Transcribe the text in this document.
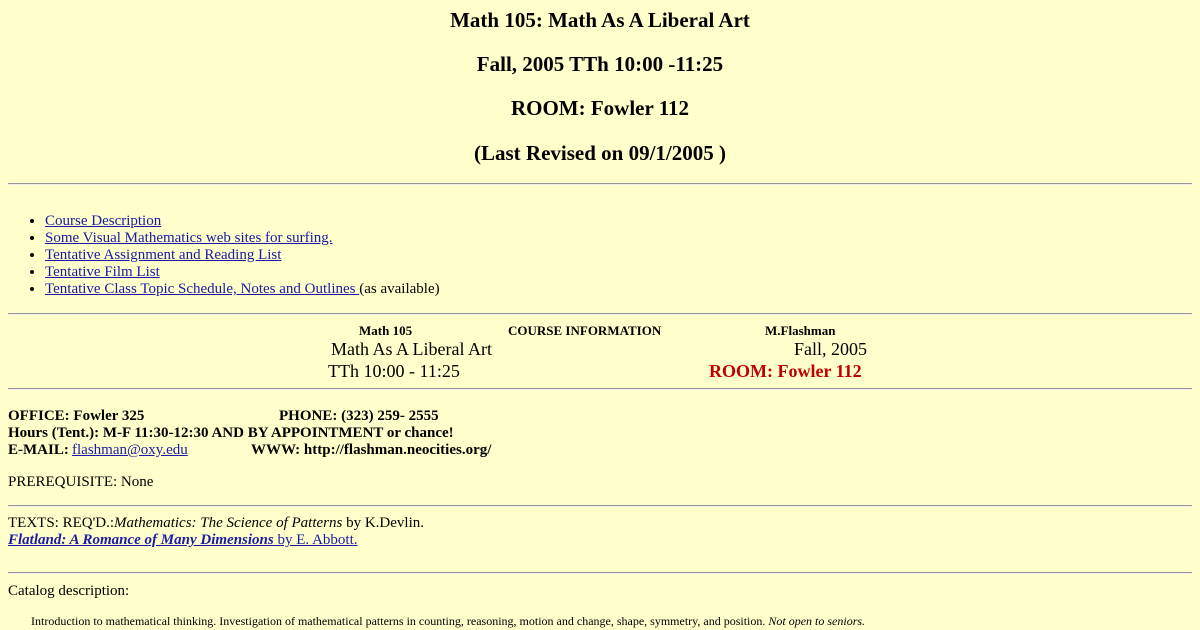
Math 105: Math As A Liberal Art
Fall, 2005 TTh 10:00 -11:25
ROOM: Fowler 112
(Last Revised on 09/1/2005 )
• Course Description
• Some Visual Mathematics web sites for surfing.
• Tentative Assignment and Reading List
• Tentative Film List
• Tentative Class Topic Schedule, Notes and Outlines (as available)
Math 105	COURSE INFORMATION	M.Flashman
Math As A Liberal Art	Fall, 2005
TTh 10:00 - 11:25	ROOM: Fowler 112
OFFICE: Fowler 325	PHONE: (323) 259- 2555
Hours (Tent.): M-F 11:30-12:30 AND BY APPOINTMENT or chance!
E-MAIL: flashman@oxy.edu	WWW: http://flashman.neocities.org/
PREREQUISITE: None
TEXTS: REQ'D.:Mathematics: The Science of Patterns by K.Devlin.
Flatland: A Romance of Many Dimensions by E. Abbott.
Catalog description:
Introduction to mathematical thinking. Investigation of mathematical patterns in counting, reasoning, motion and change, shape, symmetry, and position. Not open to seniors.
